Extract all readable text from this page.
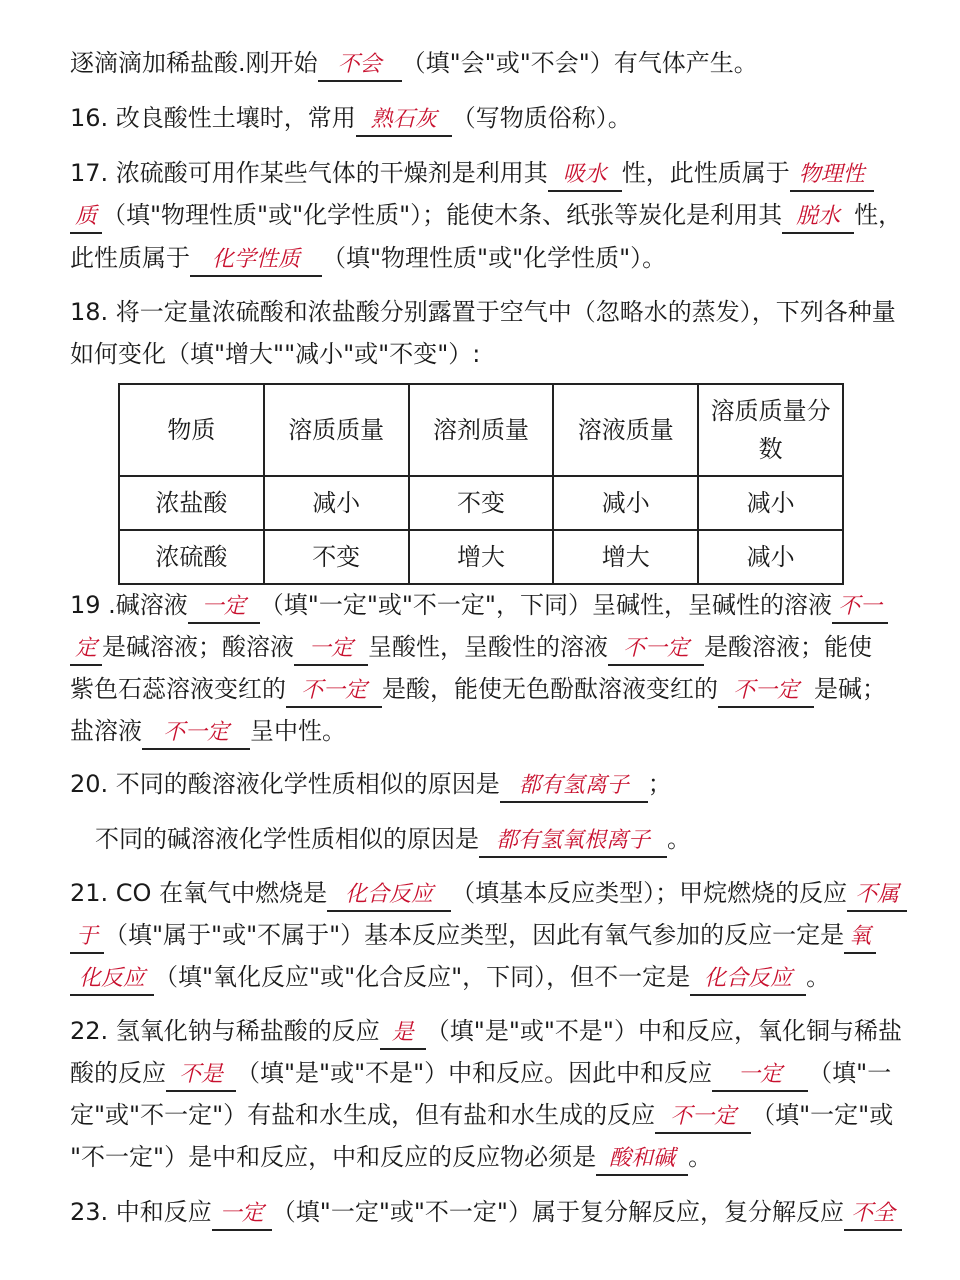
逐滴滴加稀盐酸.刚开始 不会 （填"会"或"不会"）有气体产生。
16. 改良酸性土壤时，常用 熟石灰 （写物质俗称）。
17. 浓硫酸可用作某些气体的干燥剂是利用其 吸水 性，此性质属于 物理性
质 （填"物理性质"或"化学性质"）；能使木条、纸张等炭化是利用其 脱水 性，
此性质属于 化学性质 （填"物理性质"或"化学性质"）。
18. 将一定量浓硫酸和浓盐酸分别露置于空气中（忽略水的蒸发），下列各种量
如何变化（填"增大""减小"或"不变"）:
物质	溶质质量	溶剂质量	溶液质量	溶质质量分数
浓盐酸	减小	不变	减小	减小
浓硫酸	不变	增大	增大	减小
19 .碱溶液 一定 （填"一定"或"不一定"，下同）呈碱性，呈碱性的溶液 不一
定 是碱溶液；酸溶液 一定 呈酸性，呈酸性的溶液 不一定 是酸溶液；能使
紫色石蕊溶液变红的 不一定 是酸，能使无色酚酞溶液变红的 不一定 是碱；
盐溶液 不一定 呈中性。
20. 不同的酸溶液化学性质相似的原因是 都有氢离子 ；
不同的碱溶液化学性质相似的原因是 都有氢氧根离子 。
21. CO 在氧气中燃烧是 化合反应 （填基本反应类型）；甲烷燃烧的反应 不属
于 （填"属于"或"不属于"）基本反应类型，因此有氧气参加的反应一定是 氧
化反应 （填"氧化反应"或"化合反应"，下同），但不一定是 化合反应 。
22. 氢氧化钠与稀盐酸的反应 是 （填"是"或"不是"）中和反应，氧化铜与稀盐
酸的反应 不是 （填"是"或"不是"）中和反应。因此中和反应 一定 （填"一
定"或"不一定"）有盐和水生成，但有盐和水生成的反应 不一定 （填"一定"或
"不一定"）是中和反应，中和反应的反应物必须是 酸和碱 。
23. 中和反应 一定 （填"一定"或"不一定"）属于复分解反应，复分解反应 不全
